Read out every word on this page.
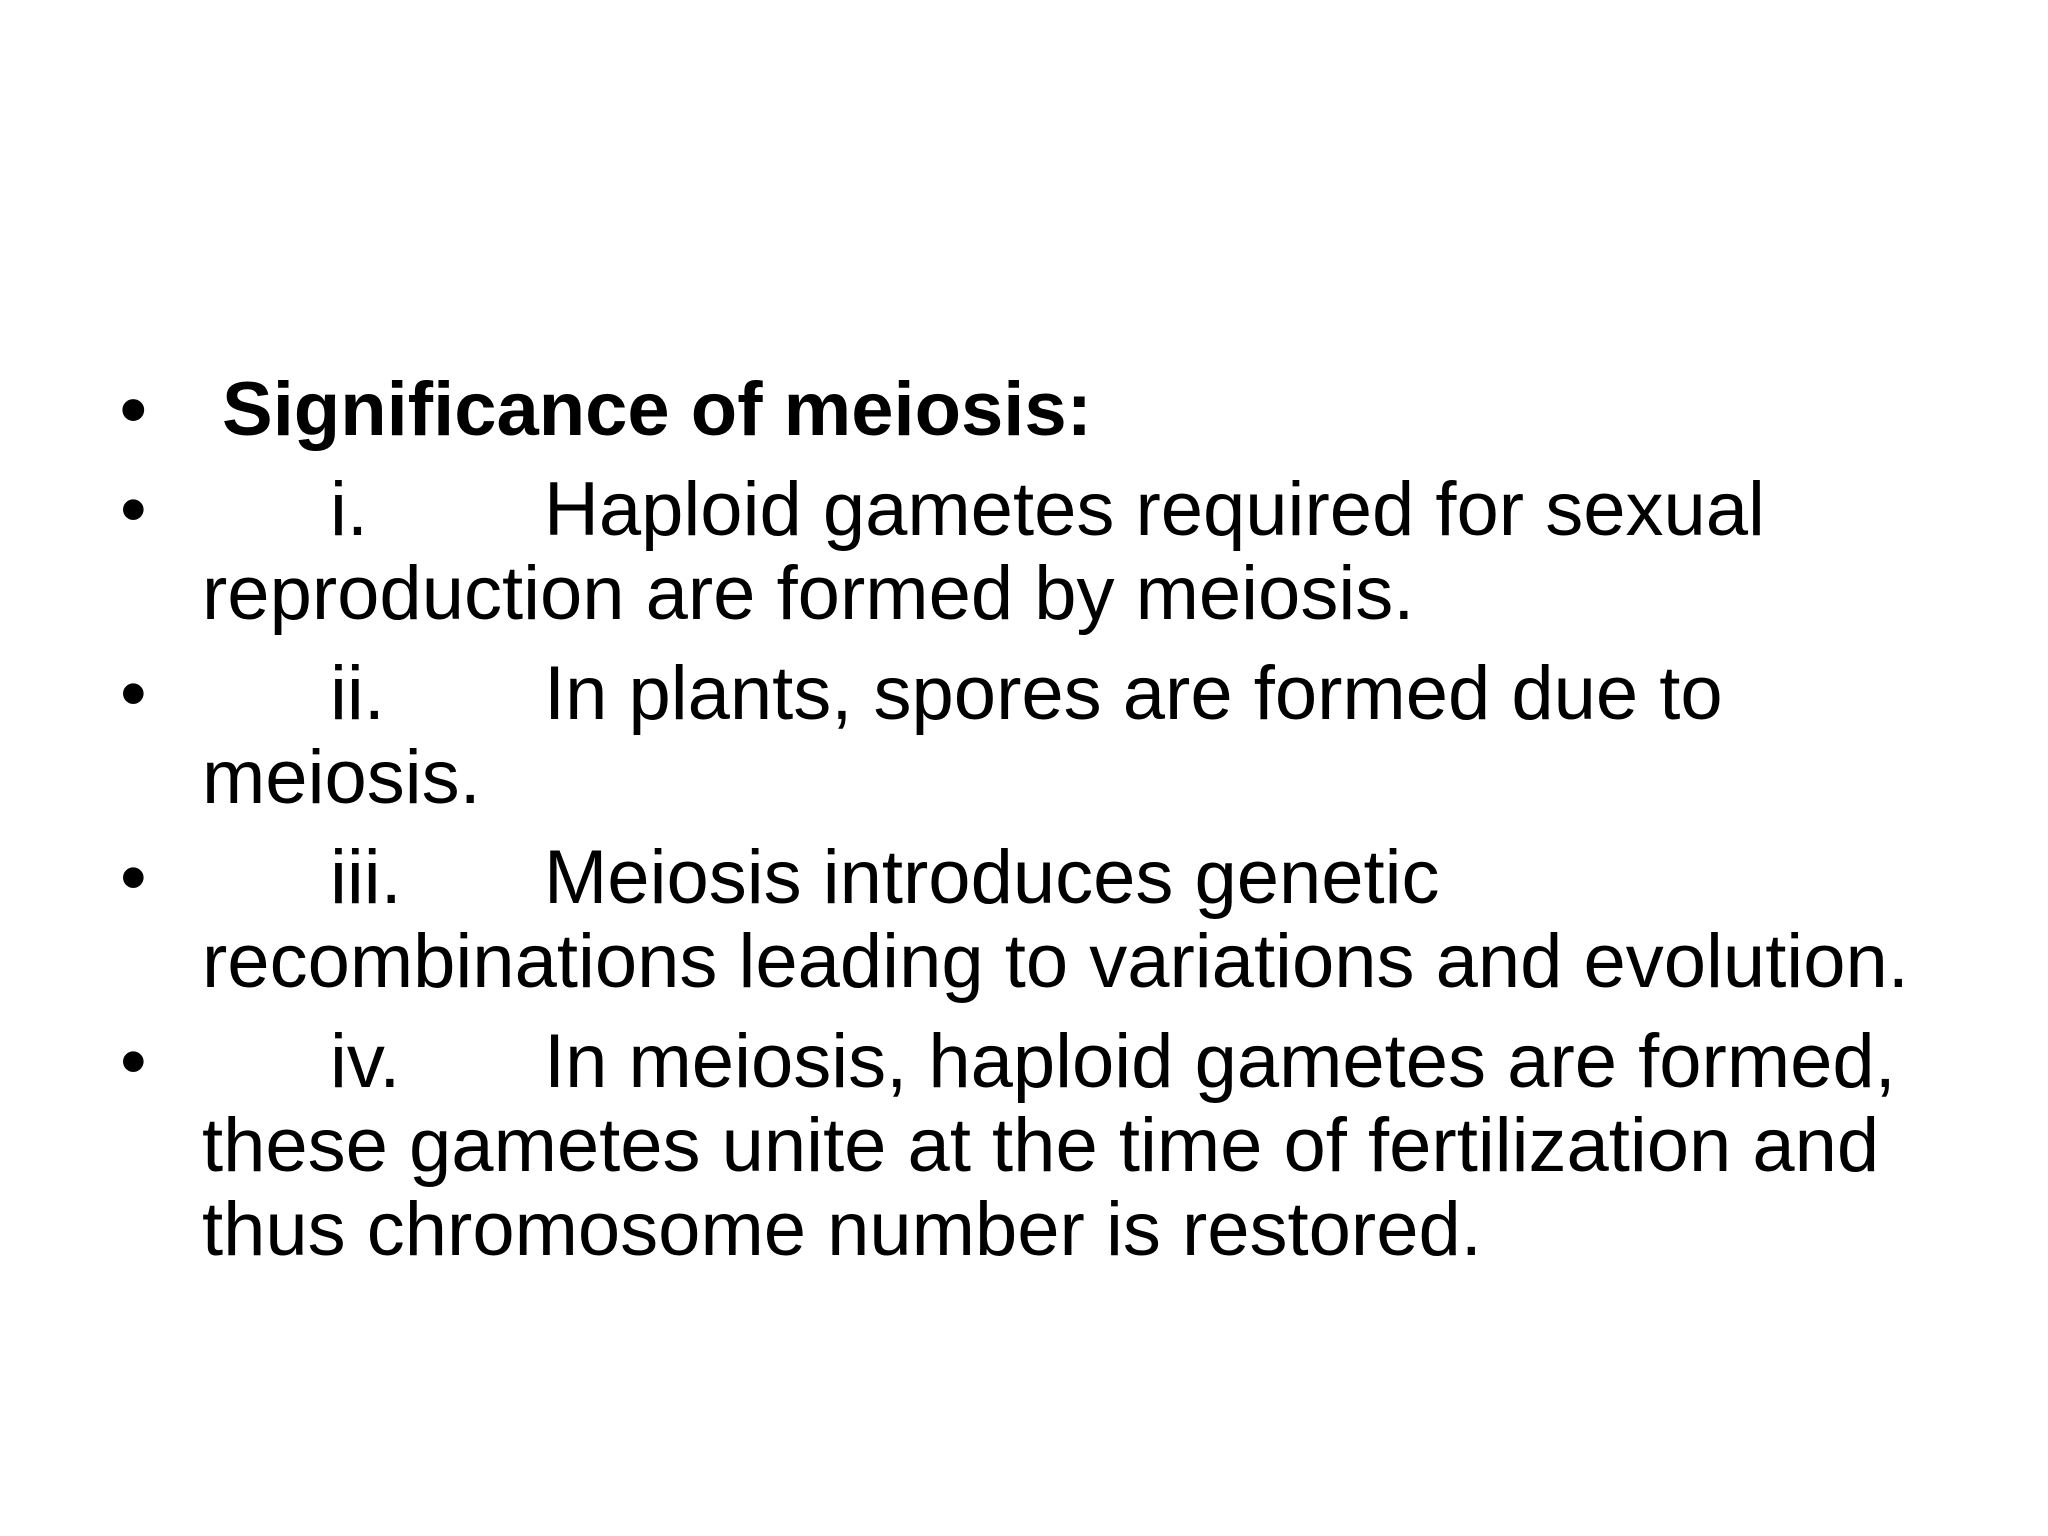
• Significance of meiosis:
• i. Haploid gametes required for sexual reproduction are formed by meiosis.
• ii. In plants, spores are formed due to meiosis.
• iii. Meiosis introduces genetic recombinations leading to variations and evolution.
• iv. In meiosis, haploid gametes are formed, these gametes unite at the time of fertilization and thus chromosome number is restored.
